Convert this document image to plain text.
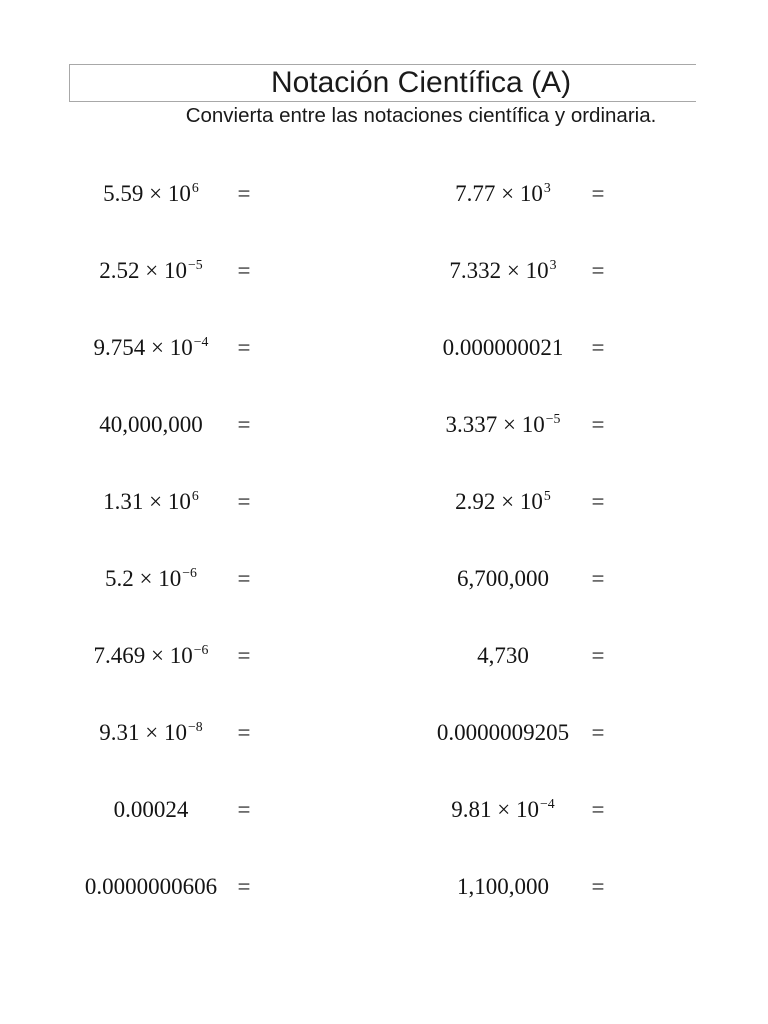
Notación Científica (A)
Convierta entre las notaciones científica y ordinaria.
$5.59 \times 10^6$	=	$7.77 \times 10^3$	=
$2.52 \times 10^{-5}$	=	$7.332 \times 10^3$	=
$9.754 \times 10^{-4}$	=	0.000000021	=
40,000,000	=	$3.337 \times 10^{-5}$	=
$1.31 \times 10^6$	=	$2.92 \times 10^5$	=
$5.2 \times 10^{-6}$	=	6,700,000	=
$7.469 \times 10^{-6}$	=	4,730	=
$9.31 \times 10^{-8}$	=	0.0000009205 =
0.00024	=	$9.81 \times 10^{-4}$	=
0.0000000606 =	1,100,000	=
